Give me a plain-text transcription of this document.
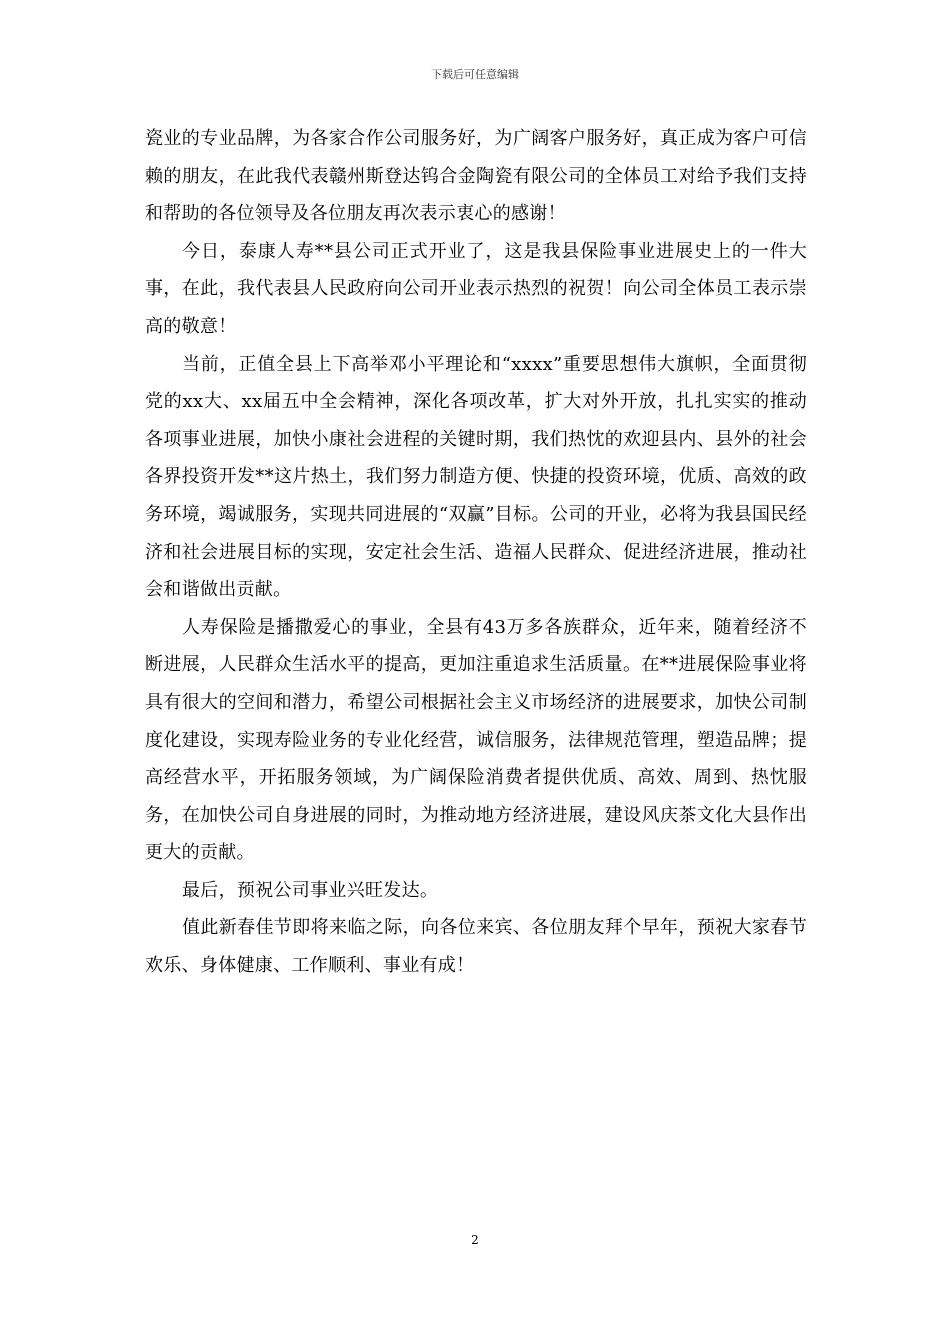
下载后可任意编辑

瓷业的专业品牌，为各家合作公司服务好，为广阔客户服务好，真正成为客户可信赖的朋友，在此我代表赣州斯登达钨合金陶瓷有限公司的全体员工对给予我们支持和帮助的各位领导及各位朋友再次表示衷心的感谢！

今日，泰康人寿**县公司正式开业了，这是我县保险事业进展史上的一件大事，在此，我代表县人民政府向公司开业表示热烈的祝贺！向公司全体员工表示崇高的敬意！

当前，正值全县上下高举邓小平理论和“xxxx”重要思想伟大旗帜，全面贯彻党的xx大、xx届五中全会精神，深化各项改革，扩大对外开放，扎扎实实的推动各项事业进展，加快小康社会进程的关键时期，我们热忱的欢迎县内、县外的社会各界投资开发**这片热土，我们努力制造方便、快捷的投资环境，优质、高效的政务环境，竭诚服务，实现共同进展的“双赢”目标。公司的开业，必将为我县国民经济和社会进展目标的实现，安定社会生活、造福人民群众、促进经济进展，推动社会和谐做出贡献。

人寿保险是播撒爱心的事业，全县有43万多各族群众，近年来，随着经济不断进展，人民群众生活水平的提高，更加注重追求生活质量。在**进展保险事业将具有很大的空间和潜力，希望公司根据社会主义市场经济的进展要求，加快公司制度化建设，实现寿险业务的专业化经营，诚信服务，法律规范管理，塑造品牌；提高经营水平，开拓服务领域，为广阔保险消费者提供优质、高效、周到、热忱服务，在加快公司自身进展的同时，为推动地方经济进展，建设风庆茶文化大县作出更大的贡献。

最后，预祝公司事业兴旺发达。

值此新春佳节即将来临之际，向各位来宾、各位朋友拜个早年，预祝大家春节欢乐、身体健康、工作顺利、事业有成！

2
